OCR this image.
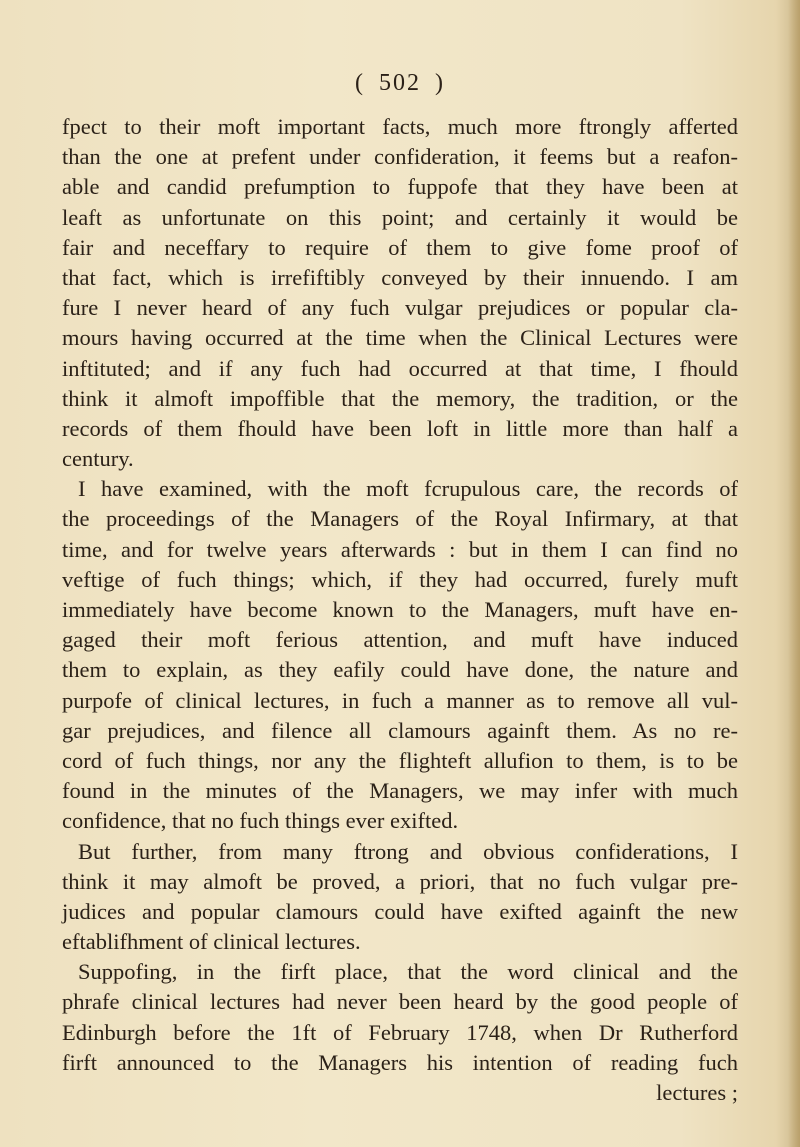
( 502 )
fpect to their moft important facts, much more ftrongly afferted
than the one at prefent under confideration, it feems but a reafon-
able and candid prefumption to fuppofe that they have been at
leaft as unfortunate on this point; and certainly it would be
fair and neceffary to require of them to give fome proof of
that fact, which is irrefiftibly conveyed by their innuendo. I am
fure I never heard of any fuch vulgar prejudices or popular cla-
mours having occurred at the time when the Clinical Lectures were
inftituted; and if any fuch had occurred at that time, I fhould
think it almoft impoffible that the memory, the tradition, or the
records of them fhould have been loft in little more than half a
century.
I have examined, with the moft fcrupulous care, the records of
the proceedings of the Managers of the Royal Infirmary, at that
time, and for twelve years afterwards : but in them I can find no
veftige of fuch things; which, if they had occurred, furely muft
immediately have become known to the Managers, muft have en-
gaged their moft ferious attention, and muft have induced
them to explain, as they eafily could have done, the nature and
purpofe of clinical lectures, in fuch a manner as to remove all vul-
gar prejudices, and filence all clamours againft them. As no re-
cord of fuch things, nor any the flighteft allufion to them, is to be
found in the minutes of the Managers, we may infer with much
confidence, that no fuch things ever exifted.
But further, from many ftrong and obvious confiderations, I
think it may almoft be proved, a priori, that no fuch vulgar pre-
judices and popular clamours could have exifted againft the new
eftablifhment of clinical lectures.
Suppofing, in the firft place, that the word clinical and the
phrafe clinical lectures had never been heard by the good people of
Edinburgh before the 1ft of February 1748, when Dr Rutherford
firft announced to the Managers his intention of reading fuch
lectures ;
